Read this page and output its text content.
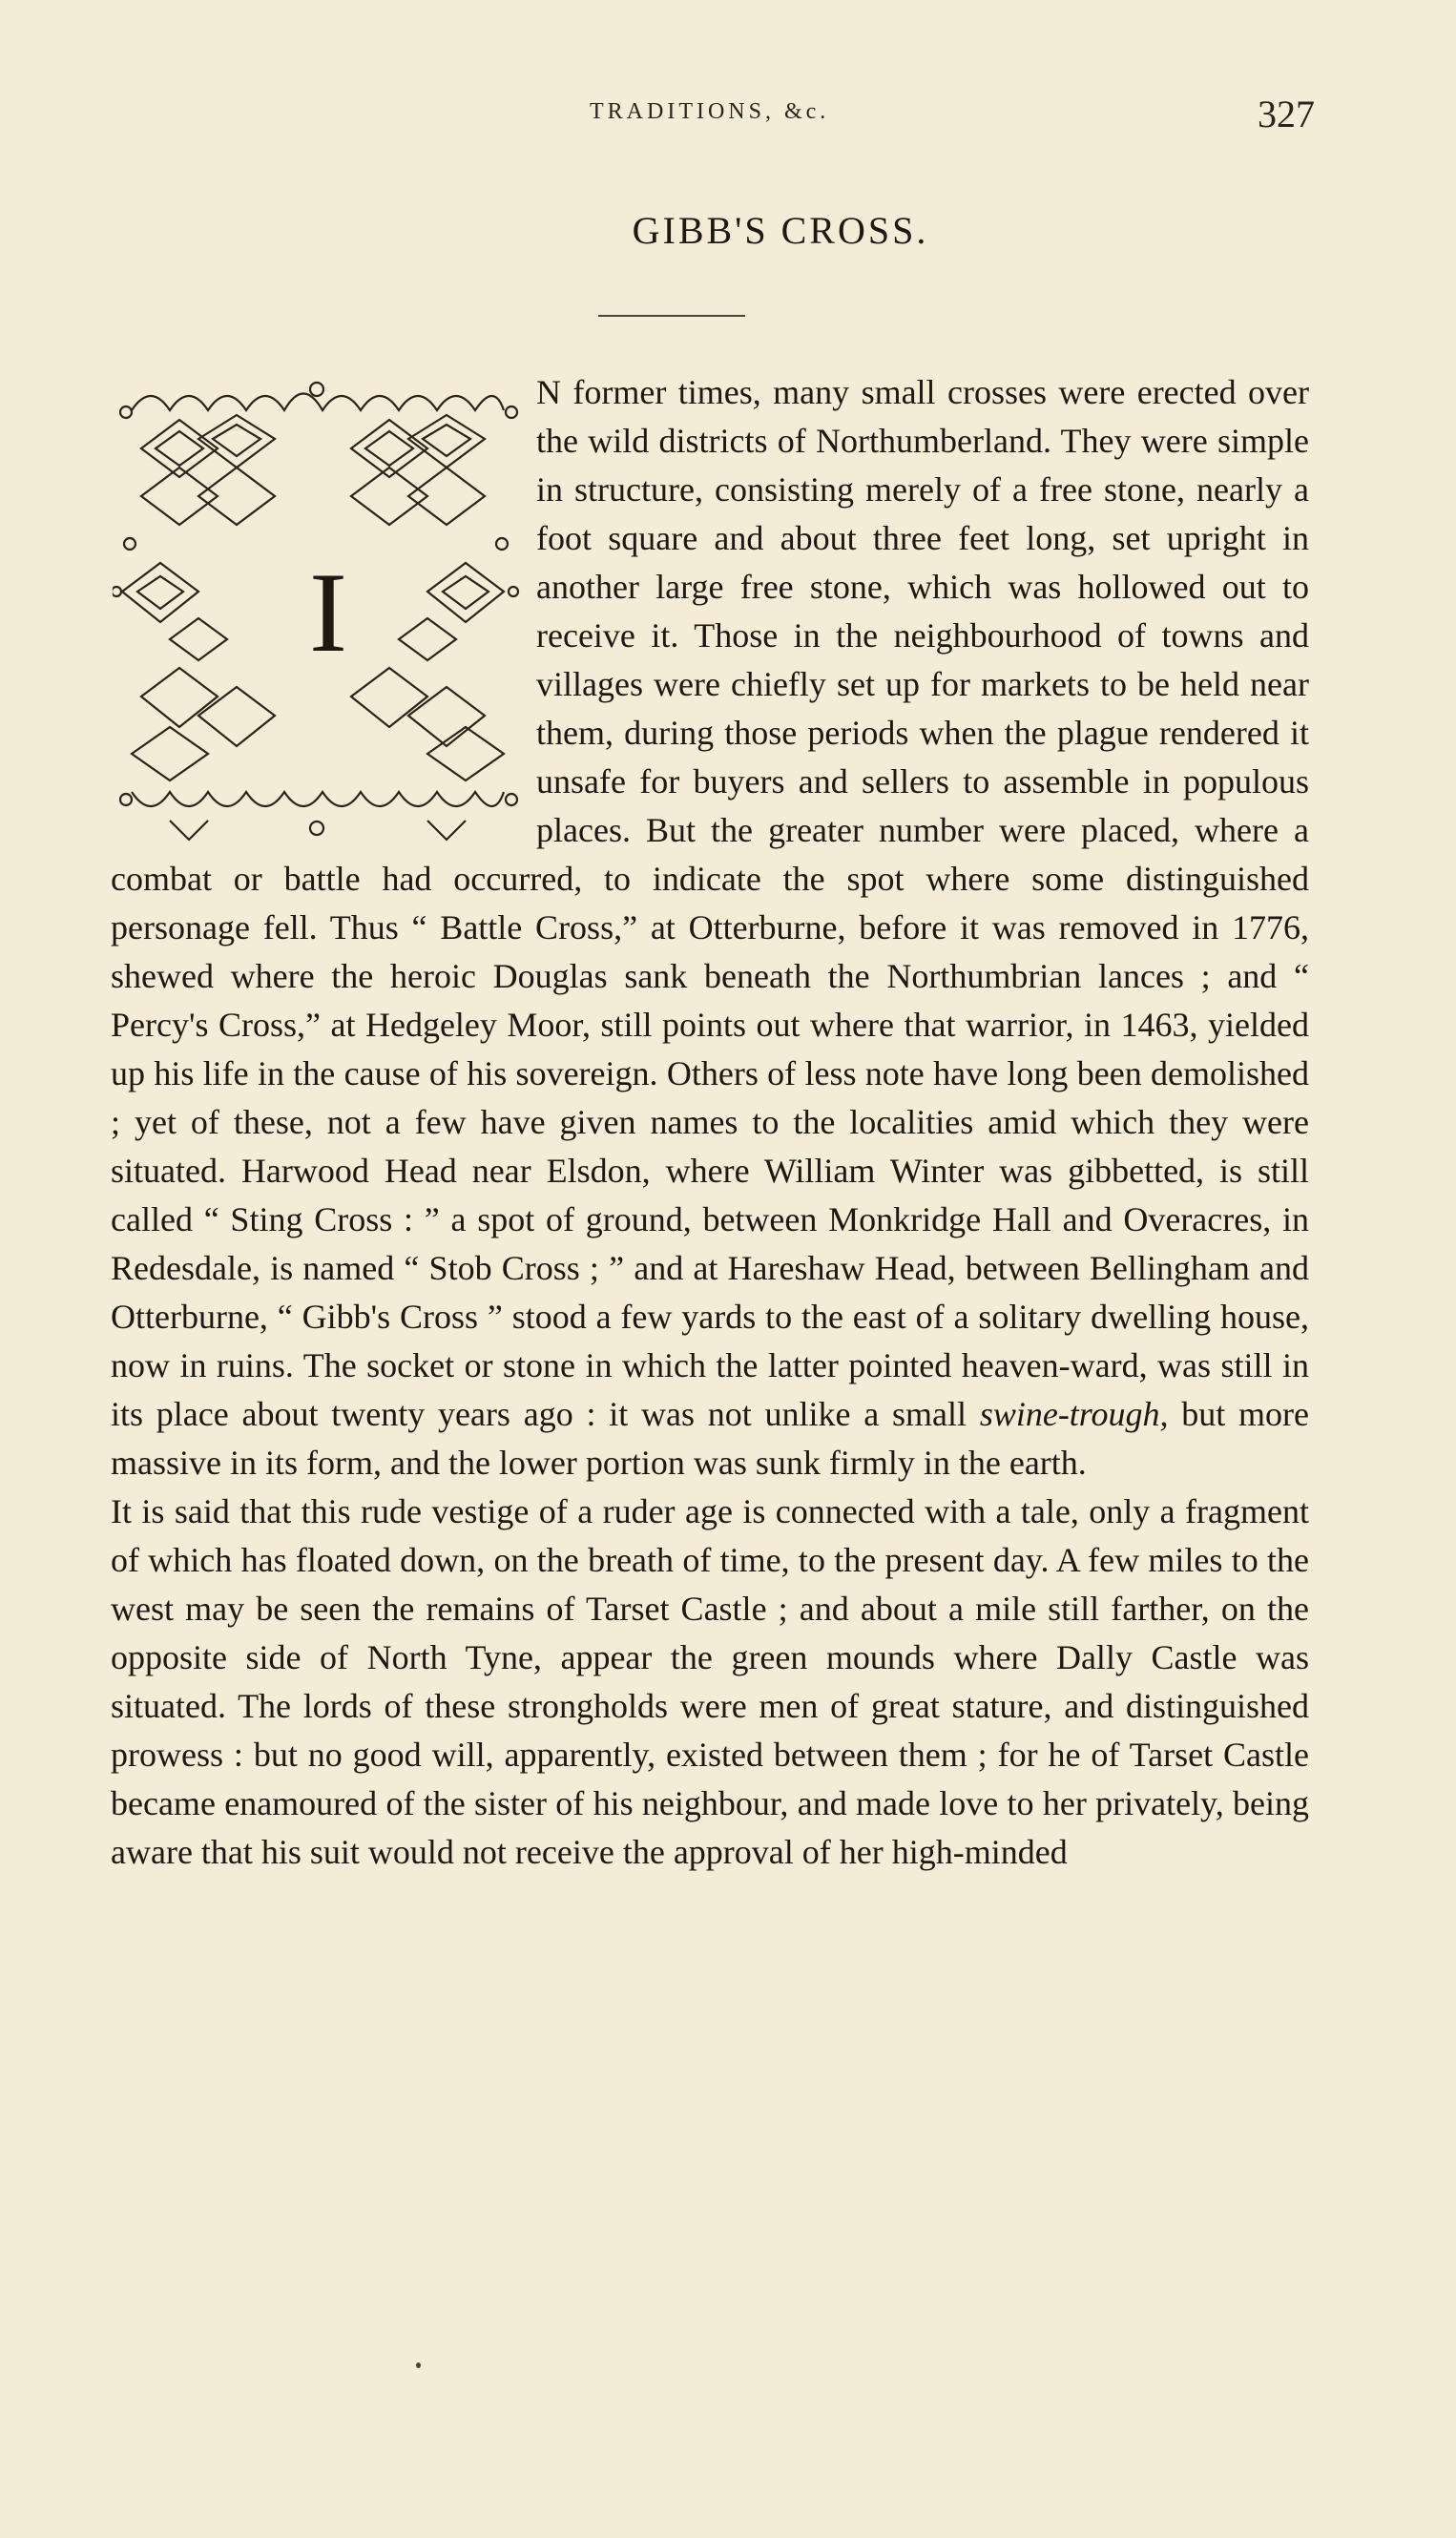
TRADITIONS, &c.	327
GIBB'S CROSS.
I

N former times, many small crosses were erected over the wild districts of Northumberland. They were simple in structure, consisting merely of a free stone, nearly a foot square and about three feet long, set upright in another large free stone, which was hollowed out to receive it. Those in the neighbourhood of towns and villages were chiefly set up for markets to be held near them, during those periods when the plague rendered it unsafe for buyers and sellers to assemble in populous places. But the greater number were placed, where a combat or battle had occurred, to indicate the spot where some distinguished personage fell. Thus “ Battle Cross,” at Otterburne, before it was removed in 1776, shewed where the heroic Douglas sank beneath the Northumbrian lances ; and “ Percy's Cross,” at Hedgeley Moor, still points out where that warrior, in 1463, yielded up his life in the cause of his sovereign. Others of less note have long been demolished ; yet of these, not a few have given names to the localities amid which they were situated. Harwood Head near Elsdon, where William Winter was gibbetted, is still called “ Sting Cross : ” a spot of ground, between Monkridge Hall and Overacres, in Redesdale, is named “ Stob Cross ; ” and at Hareshaw Head, between Bellingham and Otterburne, “ Gibb's Cross ” stood a few yards to the east of a solitary dwelling house, now in ruins. The socket or stone in which the latter pointed heaven-ward, was still in its place about twenty years ago : it was not unlike a small swine-trough, but more massive in its form, and the lower portion was sunk firmly in the earth.

It is said that this rude vestige of a ruder age is connected with a tale, only a fragment of which has floated down, on the breath of time, to the present day. A few miles to the west may be seen the remains of Tarset Castle ; and about a mile still farther, on the opposite side of North Tyne, appear the green mounds where Dally Castle was situated. The lords of these strongholds were men of great stature, and distinguished prowess : but no good will, apparently, existed between them ; for he of Tarset Castle became enamoured of the sister of his neighbour, and made love to her privately, being aware that his suit would not receive the approval of her high-minded
